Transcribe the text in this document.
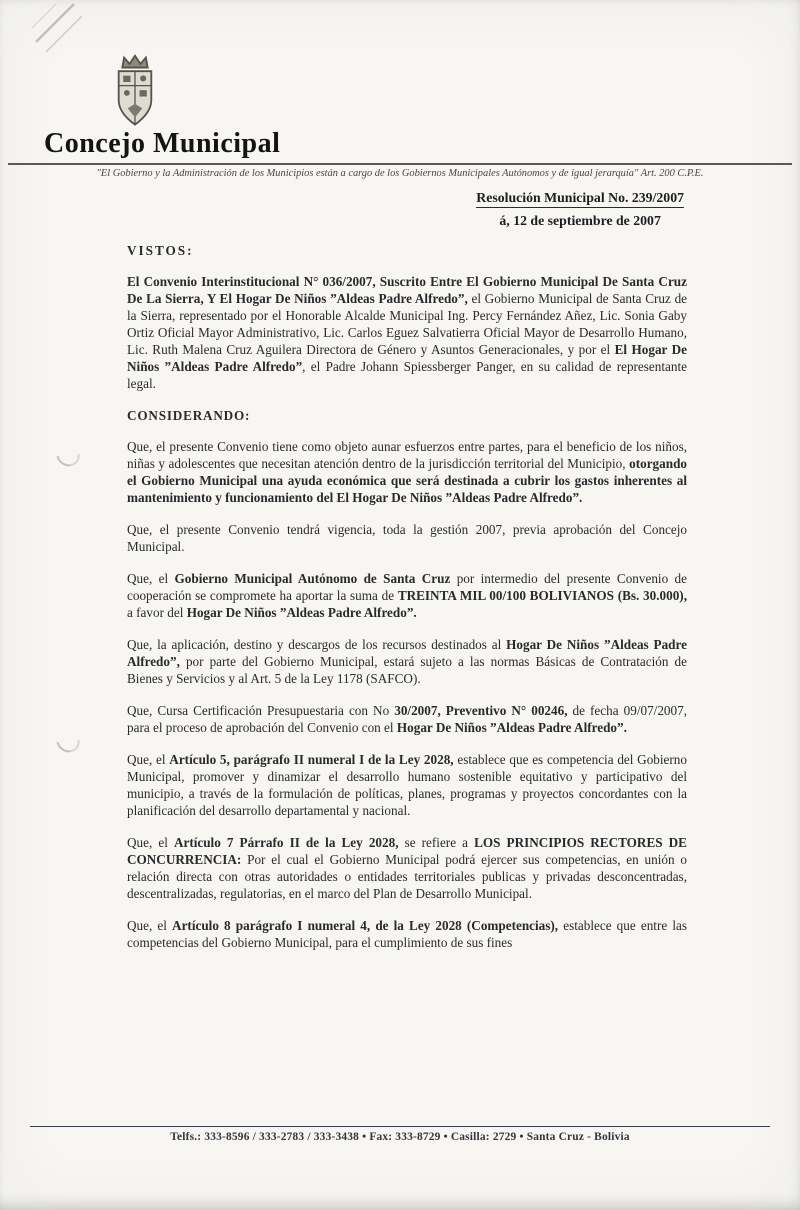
Concejo Municipal
"El Gobierno y la Administración de los Municipios están a cargo de los Gobiernos Municipales Autónomos y de igual jerarquía" Art. 200 C.P.E.
Resolución Municipal No. 239/2007
á, 12 de septiembre de 2007
VISTOS:

El Convenio Interinstitucional N° 036/2007, Suscrito Entre El Gobierno Municipal De Santa Cruz De La Sierra, Y El Hogar De Niños ”Aldeas Padre Alfredo”, el Gobierno Municipal de Santa Cruz de la Sierra, representado por el Honorable Alcalde Municipal Ing. Percy Fernández Añez, Lic. Sonia Gaby Ortiz Oficial Mayor Administrativo, Lic. Carlos Eguez Salvatierra Oficial Mayor de Desarrollo Humano, Lic. Ruth Malena Cruz Aguilera Directora de Género y Asuntos Generacionales, y por el El Hogar De Niños ”Aldeas Padre Alfredo”, el Padre Johann Spiessberger Panger, en su calidad de representante legal.

CONSIDERANDO:

Que, el presente Convenio tiene como objeto aunar esfuerzos entre partes, para el beneficio de los niños, niñas y adolescentes que necesitan atención dentro de la jurisdicción territorial del Municipio, otorgando el Gobierno Municipal una ayuda económica que será destinada a cubrir los gastos inherentes al mantenimiento y funcionamiento del El Hogar De Niños ”Aldeas Padre Alfredo”.

Que, el presente Convenio tendrá vigencia, toda la gestión 2007, previa aprobación del Concejo Municipal.

Que, el Gobierno Municipal Autónomo de Santa Cruz por intermedio del presente Convenio de cooperación se compromete ha aportar la suma de TREINTA MIL 00/100 BOLIVIANOS (Bs. 30.000), a favor del Hogar De Niños ”Aldeas Padre Alfredo”.

Que, la aplicación, destino y descargos de los recursos destinados al Hogar De Niños ”Aldeas Padre Alfredo”, por parte del Gobierno Municipal, estará sujeto a las normas Básicas de Contratación de Bienes y Servicios y al Art. 5 de la Ley 1178 (SAFCO).

Que, Cursa Certificación Presupuestaria con No 30/2007, Preventivo N° 00246, de fecha 09/07/2007, para el proceso de aprobación del Convenio con el Hogar De Niños ”Aldeas Padre Alfredo”.

Que, el Artículo 5, parágrafo II numeral I de la Ley 2028, establece que es competencia del Gobierno Municipal, promover y dinamizar el desarrollo humano sostenible equitativo y participativo del municipio, a través de la formulación de políticas, planes, programas y proyectos concordantes con la planificación del desarrollo departamental y nacional.

Que, el Artículo 7 Párrafo II de la Ley 2028, se refiere a LOS PRINCIPIOS RECTORES DE CONCURRENCIA: Por el cual el Gobierno Municipal podrá ejercer sus competencias, en unión o relación directa con otras autoridades o entidades territoriales publicas y privadas desconcentradas, descentralizadas, regulatorias, en el marco del Plan de Desarrollo Municipal.

Que, el Artículo 8 parágrafo I numeral 4, de la Ley 2028 (Competencias), establece que entre las competencias del Gobierno Municipal, para el cumplimiento de sus fines

Telfs.: 333-8596 / 333-2783 / 333-3438 • Fax: 333-8729 • Casilla: 2729 • Santa Cruz - Bolivia
